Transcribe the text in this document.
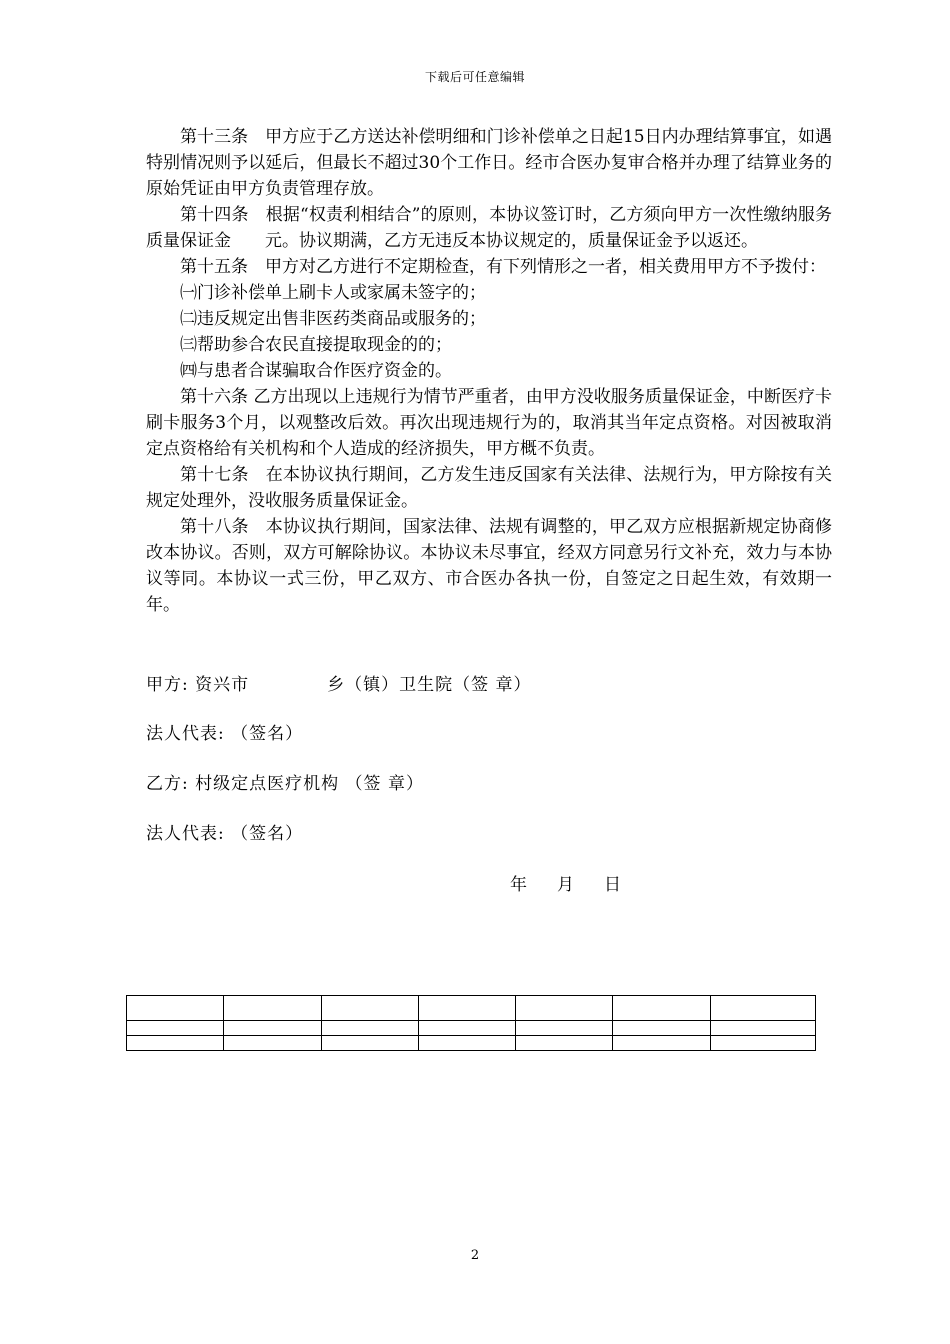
下载后可任意编辑

第十三条　甲方应于乙方送达补偿明细和门诊补偿单之日起15日内办理结算事宜，如遇特别情况则予以延后，但最长不超过30个工作日。经市合医办复审合格并办理了结算业务的原始凭证由甲方负责管理存放。

第十四条　根据“权责利相结合”的原则，本协议签订时，乙方须向甲方一次性缴纳服务质量保证金　　元。协议期满，乙方无违反本协议规定的，质量保证金予以返还。

第十五条　甲方对乙方进行不定期检查，有下列情形之一者，相关费用甲方不予拨付：

㈠门诊补偿单上刷卡人或家属未签字的；

㈡违反规定出售非医药类商品或服务的；

㈢帮助参合农民直接提取现金的的；

㈣与患者合谋骗取合作医疗资金的。

第十六条 乙方出现以上违规行为情节严重者，由甲方没收服务质量保证金，中断医疗卡刷卡服务3个月，以观整改后效。再次出现违规行为的，取消其当年定点资格。对因被取消定点资格给有关机构和个人造成的经济损失，甲方概不负责。

第十七条　在本协议执行期间，乙方发生违反国家有关法律、法规行为，甲方除按有关规定处理外，没收服务质量保证金。

第十八条　本协议执行期间，国家法律、法规有调整的，甲乙双方应根据新规定协商修改本协议。否则，双方可解除协议。本协议未尽事宜，经双方同意另行文补充，效力与本协议等同。本协议一式三份，甲乙双方、市合医办各执一份，自签定之日起生效，有效期一年。

甲方: 资兴市	乡（镇）卫生院（签 章）
法人代表: （签名）
乙方: 村级定点医疗机构 （签 章）
法人代表: （签名）
年 月 日

2
